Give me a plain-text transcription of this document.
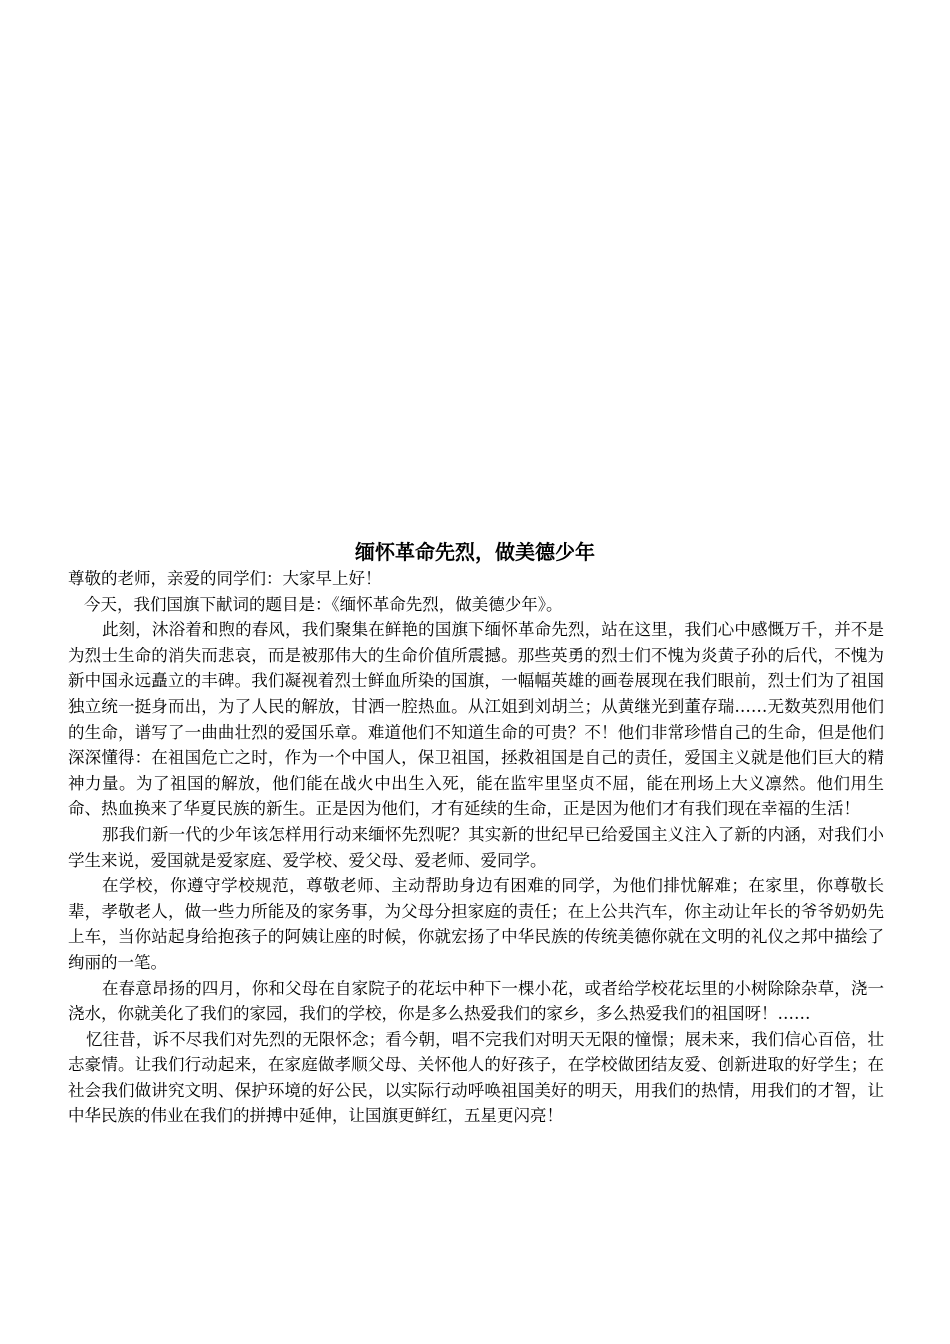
缅怀革命先烈，做美德少年

尊敬的老师，亲爱的同学们：大家早上好！

今天，我们国旗下献词的题目是：《缅怀革命先烈，做美德少年》。

此刻，沐浴着和煦的春风，我们聚集在鲜艳的国旗下缅怀革命先烈，站在这里，我们心中感慨万千，并不是为烈士生命的消失而悲哀，而是被那伟大的生命价值所震撼。那些英勇的烈士们不愧为炎黄子孙的后代，不愧为新中国永远矗立的丰碑。我们凝视着烈士鲜血所染的国旗，一幅幅英雄的画卷展现在我们眼前，烈士们为了祖国独立统一挺身而出，为了人民的解放，甘洒一腔热血。从江姐到刘胡兰；从黄继光到董存瑞……无数英烈用他们的生命，谱写了一曲曲壮烈的爱国乐章。难道他们不知道生命的可贵？不！他们非常珍惜自己的生命，但是他们深深懂得：在祖国危亡之时，作为一个中国人，保卫祖国，拯救祖国是自己的责任，爱国主义就是他们巨大的精神力量。为了祖国的解放，他们能在战火中出生入死，能在监牢里坚贞不屈，能在刑场上大义凛然。他们用生命、热血换来了华夏民族的新生。正是因为他们，才有延续的生命，正是因为他们才有我们现在幸福的生活！

那我们新一代的少年该怎样用行动来缅怀先烈呢？其实新的世纪早已给爱国主义注入了新的内涵，对我们小学生来说，爱国就是爱家庭、爱学校、爱父母、爱老师、爱同学。

在学校，你遵守学校规范，尊敬老师、主动帮助身边有困难的同学，为他们排忧解难；在家里，你尊敬长辈，孝敬老人，做一些力所能及的家务事，为父母分担家庭的责任；在上公共汽车，你主动让年长的爷爷奶奶先上车，当你站起身给抱孩子的阿姨让座的时候，你就宏扬了中华民族的传统美德你就在文明的礼仪之邦中描绘了绚丽的一笔。

在春意昂扬的四月，你和父母在自家院子的花坛中种下一棵小花，或者给学校花坛里的小树除除杂草，浇一浇水，你就美化了我们的家园，我们的学校，你是多么热爱我们的家乡，多么热爱我们的祖国呀！……

忆往昔，诉不尽我们对先烈的无限怀念；看今朝，唱不完我们对明天无限的憧憬；展未来，我们信心百倍，壮志豪情。让我们行动起来，在家庭做孝顺父母、关怀他人的好孩子，在学校做团结友爱、创新进取的好学生；在社会我们做讲究文明、保护环境的好公民，以实际行动呼唤祖国美好的明天，用我们的热情，用我们的才智，让中华民族的伟业在我们的拼搏中延伸，让国旗更鲜红，五星更闪亮！
